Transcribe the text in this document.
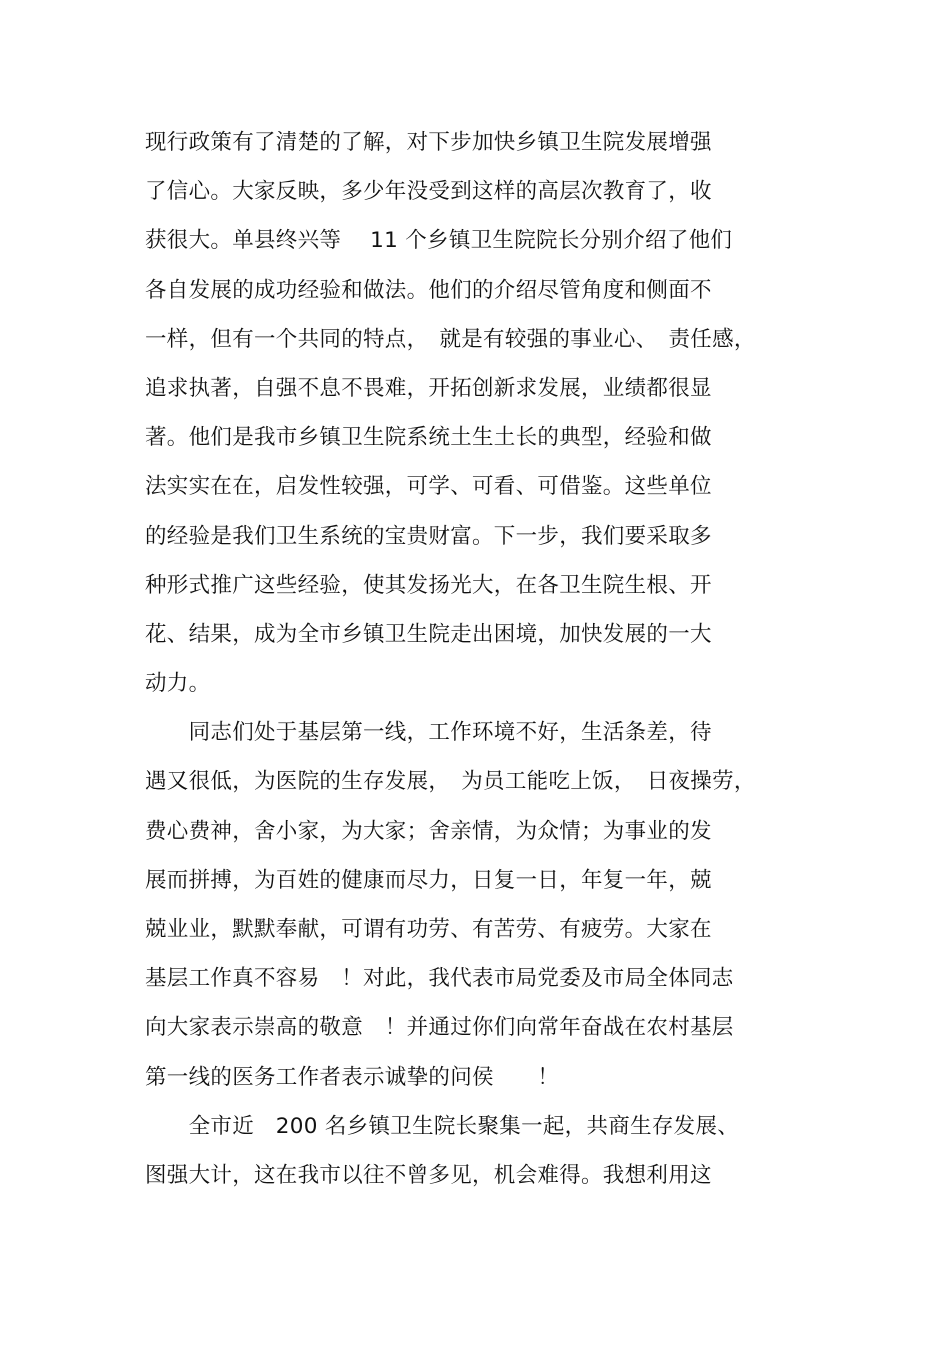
现行政策有了清楚的了解，对下步加快乡镇卫生院发展增强
了信心。大家反映，多少年没受到这样的高层次教育了，收
获很大。单县终兴等　 11 个乡镇卫生院院长分别介绍了他们
各自发展的成功经验和做法。他们的介绍尽管角度和侧面不
一样，但有一个共同的特点，　就是有较强的事业心、　责任感，
追求执著，自强不息不畏难，开拓创新求发展，业绩都很显
著。他们是我市乡镇卫生院系统土生土长的典型，经验和做
法实实在在，启发性较强，可学、可看、可借鉴。这些单位
的经验是我们卫生系统的宝贵财富。下一步，我们要采取多
种形式推广这些经验，使其发扬光大，在各卫生院生根、开
花、结果，成为全市乡镇卫生院走出困境，加快发展的一大
动力。
　　同志们处于基层第一线，工作环境不好，生活条差，待
遇又很低，为医院的生存发展，　为员工能吃上饭，　日夜操劳，
费心费神，舍小家，为大家；舍亲情，为众情；为事业的发
展而拼搏，为百姓的健康而尽力，日复一日，年复一年，兢
兢业业，默默奉献，可谓有功劳、有苦劳、有疲劳。大家在
基层工作真不容易　！对此，我代表市局党委及市局全体同志
向大家表示崇高的敬意　！并通过你们向常年奋战在农村基层
第一线的医务工作者表示诚挚的问侯　　！
　　全市近　200 名乡镇卫生院长聚集一起，共商生存发展、
图强大计，这在我市以往不曾多见，机会难得。我想利用这
